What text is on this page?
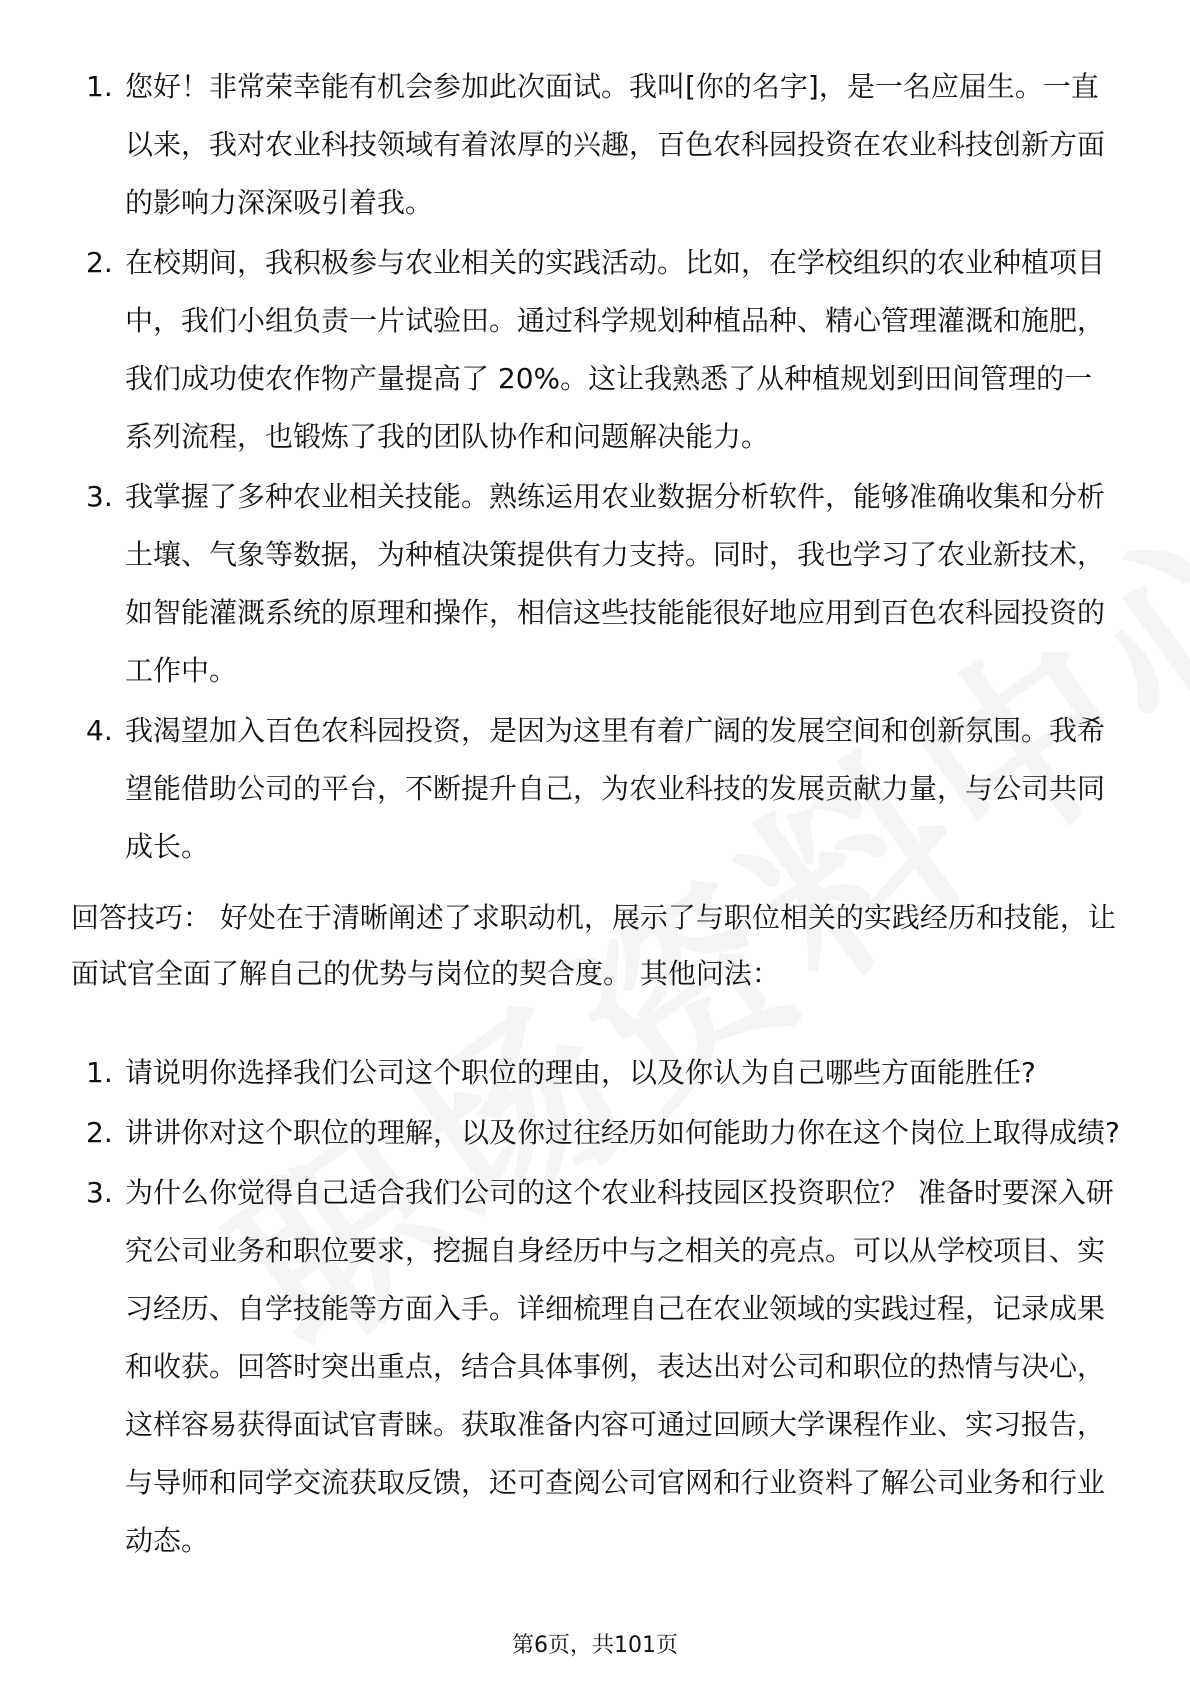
1. 您好！非常荣幸能有机会参加此次面试。我叫[你的名字]，是一名应届生。一直以来，我对农业科技领域有着浓厚的兴趣，百色农科园投资在农业科技创新方面的影响力深深吸引着我。
2. 在校期间，我积极参与农业相关的实践活动。比如，在学校组织的农业种植项目中，我们小组负责一片试验田。通过科学规划种植品种、精心管理灌溉和施肥，我们成功使农作物产量提高了 20%。这让我熟悉了从种植规划到田间管理的一系列流程，也锻炼了我的团队协作和问题解决能力。
3. 我掌握了多种农业相关技能。熟练运用农业数据分析软件，能够准确收集和分析土壤、气象等数据，为种植决策提供有力支持。同时，我也学习了农业新技术，如智能灌溉系统的原理和操作，相信这些技能能很好地应用到百色农科园投资的工作中。
4. 我渴望加入百色农科园投资，是因为这里有着广阔的发展空间和创新氛围。我希望能借助公司的平台，不断提升自己，为农业科技的发展贡献力量，与公司共同成长。

回答技巧： 好处在于清晰阐述了求职动机，展示了与职位相关的实践经历和技能，让面试官全面了解自己的优势与岗位的契合度。 其他问法：

1. 请说明你选择我们公司这个职位的理由，以及你认为自己哪些方面能胜任?
2. 讲讲你对这个职位的理解，以及你过往经历如何能助力你在这个岗位上取得成绩?
3. 为什么你觉得自己适合我们公司的这个农业科技园区投资职位？ 准备时要深入研究公司业务和职位要求，挖掘自身经历中与之相关的亮点。可以从学校项目、实习经历、自学技能等方面入手。详细梳理自己在农业领域的实践过程，记录成果和收获。回答时突出重点，结合具体事例，表达出对公司和职位的热情与决心，这样容易获得面试官青睐。获取准备内容可通过回顾大学课程作业、实习报告，与导师和同学交流获取反馈，还可查阅公司官网和行业资料了解公司业务和行业动态。
第6页，共101页
